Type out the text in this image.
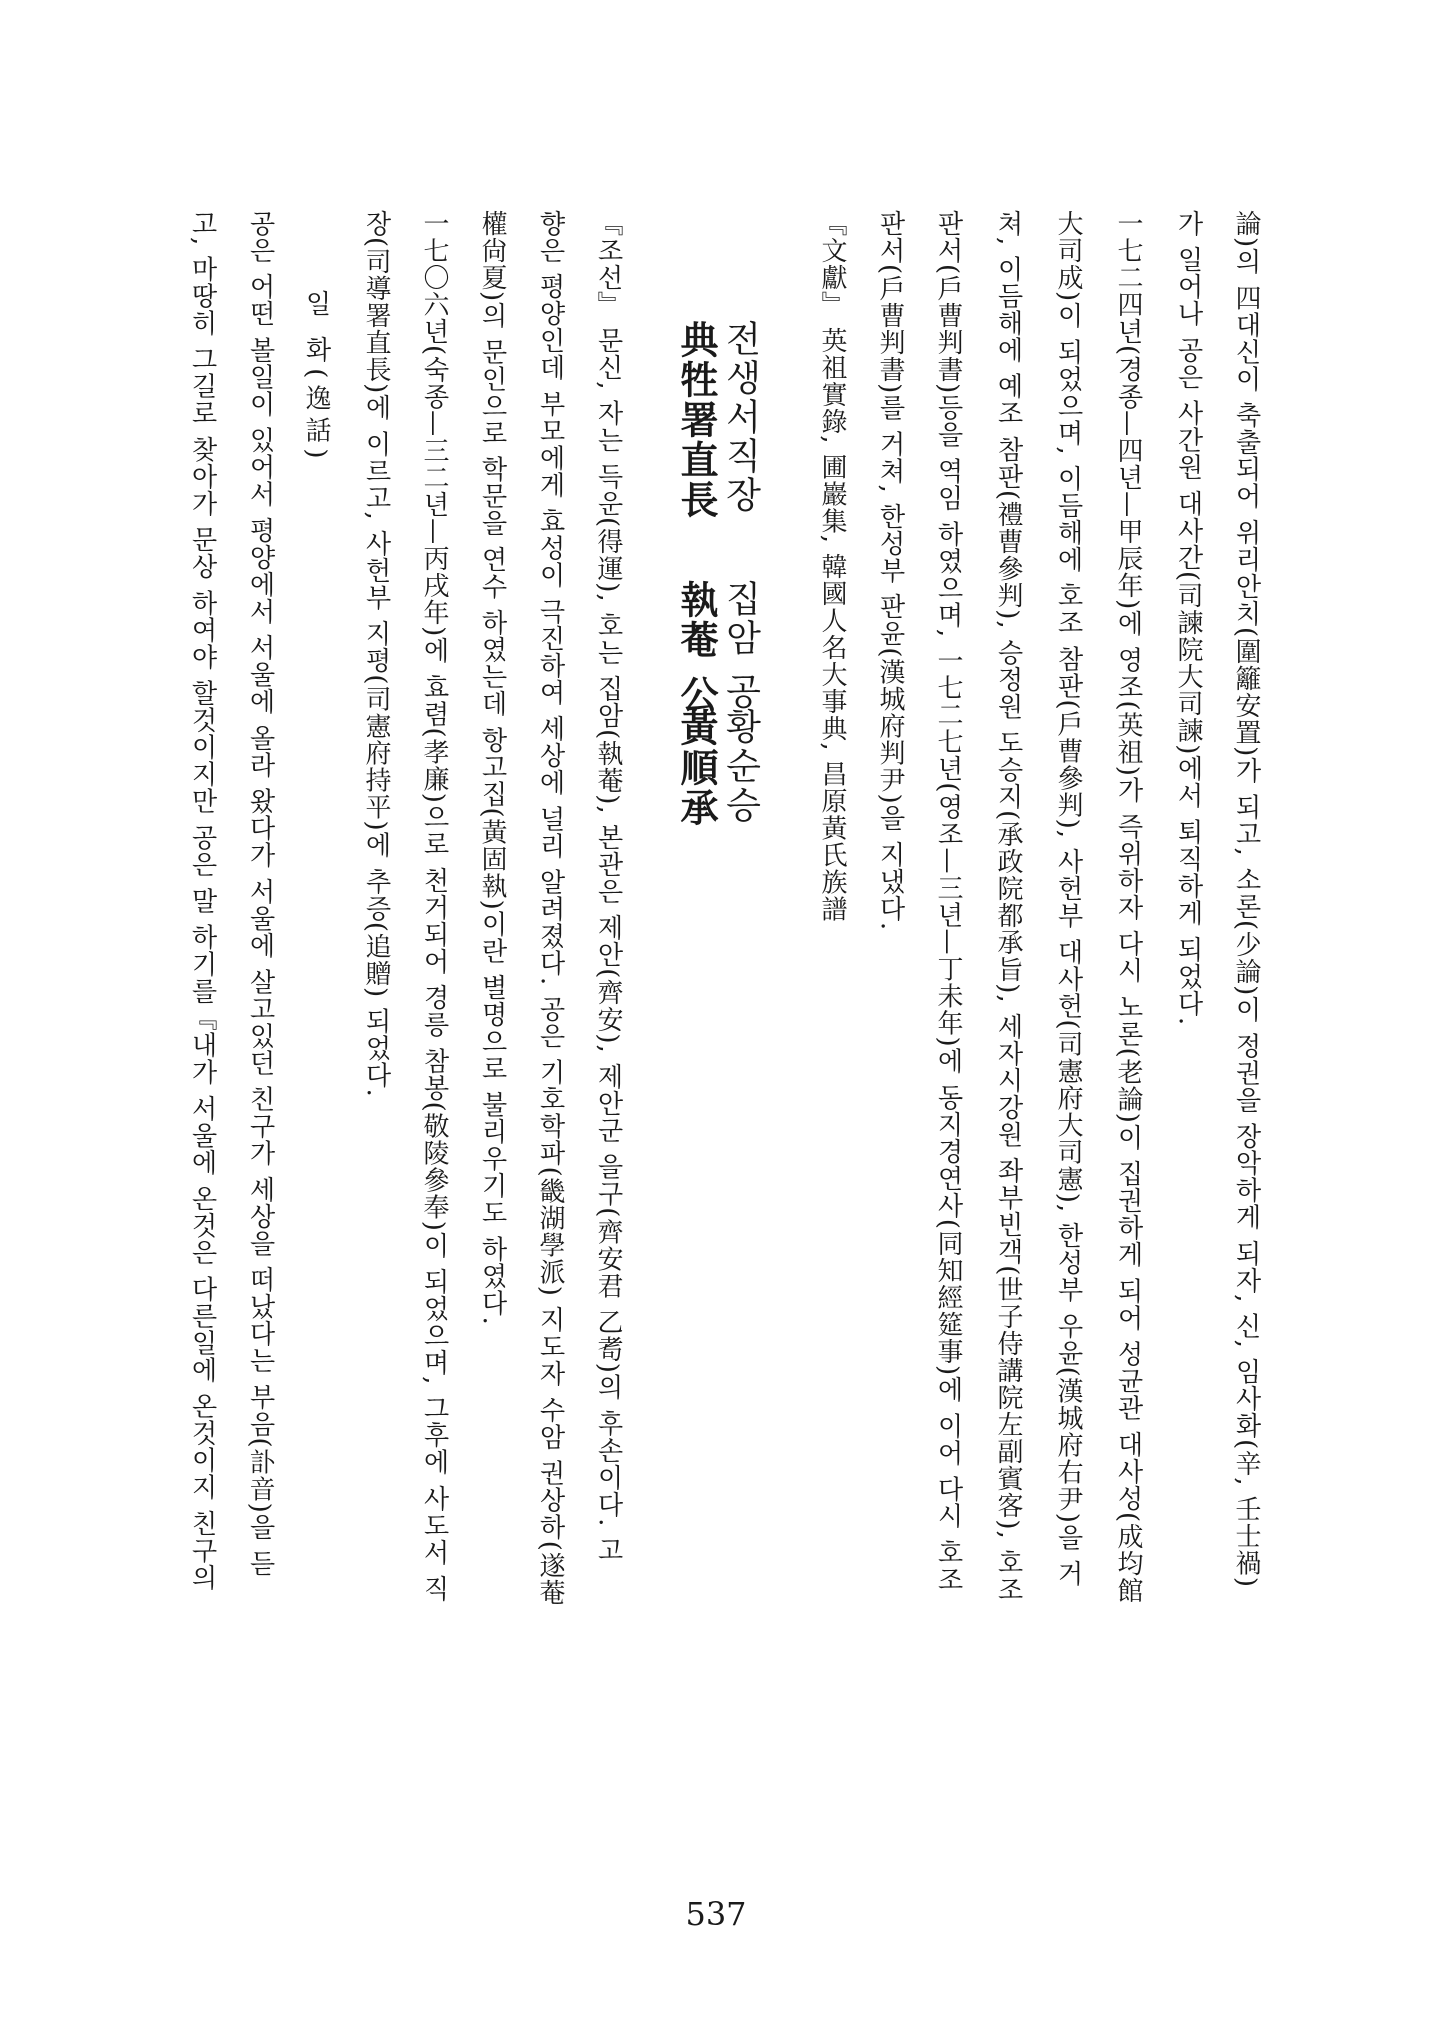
論)의 四대신이 축출되어 위리안치(圍籬安置)가 되고, 소론(少論)이 정권을 장악하게 되자, 신, 임사화(辛, 壬士禍)
가 일어나 공은 사간원 대사간(司諫院大司諫)에서 퇴직하게 되었다.
一七二四년(경종—四년—甲辰年)에 영조(英祖)가 즉위하자 다시 노론(老論)이 집권하게 되어 성균관 대사성(成均館
大司成)이 되었으며, 이듬해에 호조 참판(戶曹參判), 사헌부 대사헌(司憲府大司憲), 한성부 우윤(漢城府右尹)을 거
쳐, 이듬해에 예조 참판(禮曹參判), 승정원 도승지(承政院都承旨), 세자시강원 좌부빈객(世子侍講院左副賓客), 호조
판서(戶曹判書)등을 역임 하였으며, 一七二七년(영조—三년—丁未年)에 동지경연사(同知經筵事)에 이어 다시 호조
판서(戶曹判書)를 거쳐, 한성부 판윤(漢城府判尹)을 지냈다.
『文獻』 英祖實錄, 圃巖集, 韓國人名大事典, 昌原黃氏族譜
전생서직장
典牲署直長
집암 공
執菴 公
황순승
黃順承
『조선』 문신, 자는 득운(得運), 호는 집암(執菴), 본관은 제안(齊安), 제안군 을구(齊安君 乙耉)의 후손이다. 고
향은 평양인데 부모에게 효성이 극진하여 세상에 널리 알려졌다. 공은 기호학파(畿湖學派) 지도자 수암 권상하(遂菴
權尙夏)의 문인으로 학문을 연수 하였는데 항고집(黃固執)이란 별명으로 불리우기도 하였다.
一七〇六년(숙종—三二년—丙戌年)에 효렴(孝廉)으로 천거되어 경릉 참봉(敬陵參奉)이 되었으며, 그후에 사도서 직
장(司導署直長)에 이르고, 사헌부 지평(司憲府持平)에 추증(追贈) 되었다.
일 화(逸話)
공은 어떤 볼일이 있어서 평양에서 서울에 올라 왔다가 서울에 살고있던 친구가 세상을 떠났다는 부음(訃音)을 듣
고, 마땅히 그길로 찾아가 문상 하여야 할것이지만 공은 말 하기를『내가 서울에 온것은 다른일에 온것이지 친구의
537
